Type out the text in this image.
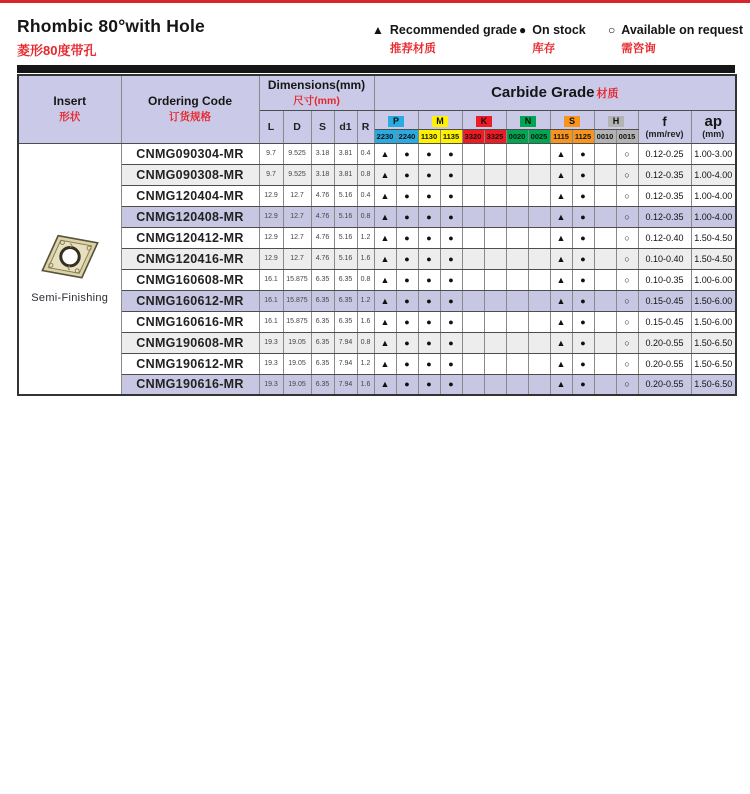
Rhombic 80°with Hole
菱形80度带孔
▲ Recommended grade
推荐材质
● On stock
库存
○ Available on request
需咨询
Insert
形状

Ordering Code
订货规格

Dimensions(mm)
尺寸(mm)	Carbide Grade 材质
L	D	S	d1	R	P	M	K	N	S	H	f
(mm/rev)

ap
(mm)

							2230	2240	1130	1135	3320	3325	0020	0025	1115	1125	0010	0015		

Semi-Finishing	CNMG090304-MR	9.7	9.525	3.18	3.81	0.4	▲	●	●	●					▲	●		○	0.12-0.25	1.00-3.00
	CNMG090308-MR	9.7	9.525	3.18	3.81	0.8	▲	●	●	●					▲	●		○	0.12-0.35	1.00-4.00
	CNMG120404-MR	12.9	12.7	4.76	5.16	0.4	▲	●	●	●					▲	●		○	0.12-0.35	1.00-4.00
	CNMG120408-MR	12.9	12.7	4.76	5.16	0.8	▲	●	●	●					▲	●		○	0.12-0.35	1.00-4.00
	CNMG120412-MR	12.9	12.7	4.76	5.16	1.2	▲	●	●	●					▲	●		○	0.12-0.40	1.50-4.50
	CNMG120416-MR	12.9	12.7	4.76	5.16	1.6	▲	●	●	●					▲	●		○	0.10-0.40	1.50-4.50
	CNMG160608-MR	16.1	15.875	6.35	6.35	0.8	▲	●	●	●					▲	●		○	0.10-0.35	1.00-6.00
	CNMG160612-MR	16.1	15.875	6.35	6.35	1.2	▲	●	●	●					▲	●		○	0.15-0.45	1.50-6.00
	CNMG160616-MR	16.1	15.875	6.35	6.35	1.6	▲	●	●	●					▲	●		○	0.15-0.45	1.50-6.00
	CNMG190608-MR	19.3	19.05	6.35	7.94	0.8	▲	●	●	●					▲	●		○	0.20-0.55	1.50-6.50
	CNMG190612-MR	19.3	19.05	6.35	7.94	1.2	▲	●	●	●					▲	●		○	0.20-0.55	1.50-6.50
	CNMG190616-MR	19.3	19.05	6.35	7.94	1.6	▲	●	●	●					▲	●		○	0.20-0.55	1.50-6.50
